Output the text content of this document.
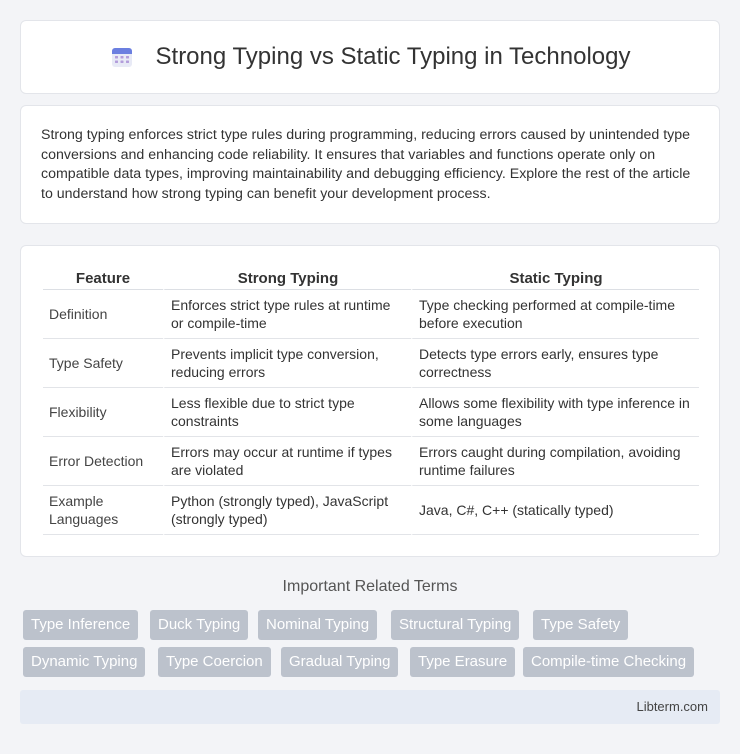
Strong Typing vs Static Typing in Technology

Strong typing enforces strict type rules during programming, reducing errors caused by unintended type conversions and enhancing code reliability. It ensures that variables and functions operate only on compatible data types, improving maintainability and debugging efficiency. Explore the rest of the article to understand how strong typing can benefit your development process.

Feature	Strong Typing	Static Typing
Definition	Enforces strict type rules at runtime or compile-time	Type checking performed at compile-time before execution
Type Safety	Prevents implicit type conversion, reducing errors	Detects type errors early, ensures type correctness
Flexibility	Less flexible due to strict type constraints	Allows some flexibility with type inference in some languages
Error Detection	Errors may occur at runtime if types are violated	Errors caught during compilation, avoiding runtime failures
Example Languages	Python (strongly typed), JavaScript (strongly typed)	Java, C#, C++ (statically typed)
Important Related Terms
Type Inference	Duck Typing	Nominal Typing	Structural Typing	Type Safety
Dynamic Typing	Type Coercion	Gradual Typing	Type Erasure	Compile-time Checking
Libterm.com
